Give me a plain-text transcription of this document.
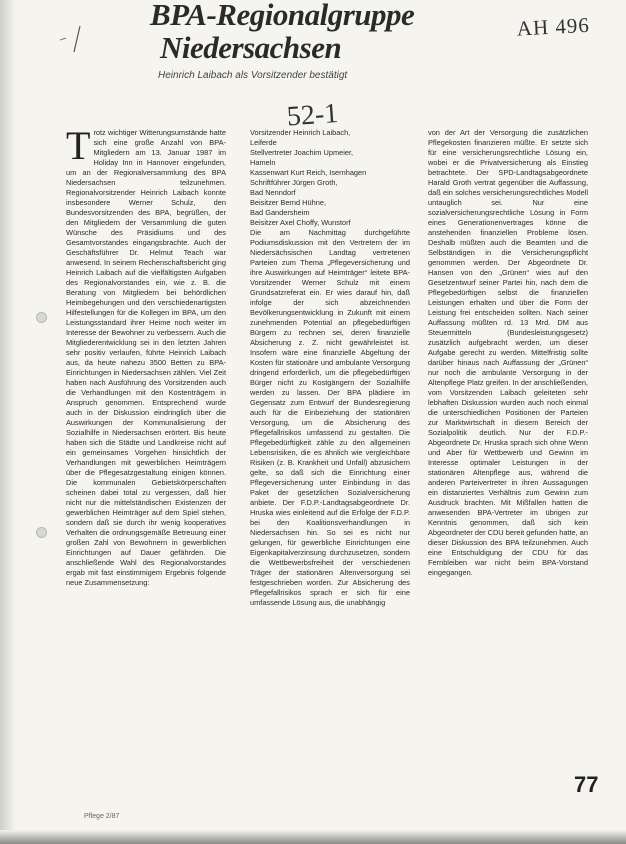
BPA-Regionalgruppe
Niedersachsen
Heinrich Laibach als Vorsitzender bestätigt
AH 496
52-1
T rotz wichtiger Witterungsumstände hatte sich eine große Anzahl von BPA-Mitgliedern am 13. Januar 1987 im Holiday Inn in Hannover eingefunden, um an der Regionalversammlung des BPA Niedersachsen teilzunehmen. Regionalvorsitzender Heinrich Laibach konnte insbesondere Werner Schulz, den Bundesvorsitzenden des BPA, begrüßen, der den Mitgliedern der Versammlung die guten Wünsche des Präsidiums und des Gesamtvorstandes eingangsbrachte. Auch der Geschäftsführer Dr. Helmut Teach war anwesend. In seinem Rechenschaftsbericht ging Heinrich Laibach auf die vielfältigsten Aufgaben des Regionalvorstandes ein, wie z. B. die Beratung von Mitgliedern bei behördlichen Heimbegehungen und den verschiedenartigsten Hilfestellungen für die Kollegen im BPA, um den Leistungsstandard ihrer Heime noch weiter im Interesse der Bewohner zu verbessern. Auch die Mitgliederentwicklung sei in den letzten Jahren sehr positiv verlaufen, führte Heinrich Laibach aus, da heute nahezu 3500 Betten zu BPA-Einrichtungen in Niedersachsen zählen. Viel Zeit haben nach Ausführung des Vorsitzenden auch die Verhandlungen mit den Kostenträgern in Anspruch genommen. Entsprechend wurde auch in der Diskussion eindringlich über die Auswirkungen der Kommunalisierung der Sozialhilfe in Niedersachsen erörtert. Bis heute haben sich die Städte und Landkreise nicht auf ein gemeinsames Vorgehen hinsichtlich der Verhandlungen mit gewerblichen Heimträgern über die Pflegesatzgestaltung einigen können. Die kommunalen Gebietskörperschaften scheinen dabei total zu vergessen, daß hier nicht nur die mittelständischen Existenzen der gewerblichen Heimträger auf dem Spiel stehen, sondern daß sie durch ihr wenig kooperatives Verhalten die ordnungsgemäße Betreuung einer großen Zahl von Bewohnern in gewerblichen Einrichtungen auf Dauer gefährden. Die anschließende Wahl des Regionalvorstandes ergab mit fast einstimmigem Ergebnis folgende neue Zusammensetzung:

Vorsitzender Heinrich Laibach,
Leiferde
Stellvertreter Joachim Upmeier,
Hameln
Kassenwart Kurt Reich, Isernhagen
Schriftführer Jürgen Groth,
Bad Nenndorf
Beisitzer Bernd Hühne,
Bad Gandersheim
Beisitzer Axel Choffy, Wunstorf

Die am Nachmittag durchgeführte Podiumsdiskussion mit den Vertretern der im Niedersächsischen Landtag vertretenen Parteien zum Thema „Pflegeversicherung und ihre Auswirkungen auf Heimträger“ leitete BPA-Vorsitzender Werner Schulz mit einem Grundsatzreferat ein. Er wies darauf hin, daß infolge der sich abzeichnenden Bevölkerungsentwicklung in Zukunft mit einem zunehmenden Potential an pflegebedürftigen Bürgern zu rechnen sei, deren finanzielle Absicherung z. Z. nicht gewährleistet ist. Insofern wäre eine finanzielle Abgeltung der Kosten für stationäre und ambulante Versorgung dringend erforderlich, um die pflegebedürftigen Bürger nicht zu Kostgängern der Sozialhilfe werden zu lassen. Der BPA plädiere im Gegensatz zum Entwurf der Bundesregierung auch für die Einbeziehung der stationären Versorgung, um die Absicherung des Pflegefallrisikos umfassend zu gestalten. Die Pflegebedürftigkeit zähle zu den allgemeinen Lebensrisiken, die es ähnlich wie vergleichbare Risiken (z. B. Krankheit und Unfall) abzusichern gelte, so daß sich die Einrichtung einer Pflegeversicherung unter Einbindung in das Paket der gesetzlichen Sozialversicherung anbiete. Der F.D.P.-Landtagsabgeordnete Dr. Hruska wies einleitend auf die Erfolge der F.D.P. bei den Koalitionsverhandlungen in Niedersachsen hin. So sei es nicht nur gelungen, für gewerbliche Einrichtungen eine Eigenkapitalverzinsung durchzusetzen, sondern die Wettbewerbsfreiheit der verschiedenen Träger der stationären Altenversorgung sei festgeschrieben worden. Zur Absicherung des Pflegefallrisikos sprach er sich für eine umfassende Lösung aus, die unabhängig

von der Art der Versorgung die zusätzlichen Pflegekosten finanzieren müßte. Er setzte sich für eine versicherungsrechtliche Lösung ein, wobei er die Privatversicherung als Einstieg betrachtete. Der SPD-Landtagsabgeordnete Harald Groth vertrat gegenüber die Auffassung, daß ein solches versicherungsrechtliches Modell untauglich sei. Nur eine sozialversicherungsrechtliche Lösung in Form eines Generationenvertrages könne die anstehenden finanziellen Probleme lösen. Deshalb müßten auch die Beamten und die Selbständigen in die Versicherungspflicht genommen werden. Der Abgeordnete Dr. Hansen von den „Grünen“ wies auf den Gesetzentwurf seiner Partei hin, nach dem die Pflegebedürftigen selbst die finanziellen Leistungen erhalten und über die Form der Leistung frei entscheiden sollten. Nach seiner Auffassung müßten rd. 13 Mrd. DM aus Steuermitteln (Bundesleistungsgesetz) zusätzlich aufgebracht werden, um dieser Aufgabe gerecht zu werden. Mittelfristig sollte darüber hinaus nach Auffassung der „Grünen“ nur noch die ambulante Versorgung in der Altenpflege Platz greifen. In der anschließenden, vom Vorsitzenden Laibach geleiteten sehr lebhaften Diskussion wurden auch noch einmal die unterschiedlichen Positionen der Parteien zur Marktwirtschaft in diesem Bereich der Sozialpolitik deutlich. Nur der F.D.P.-Abgeordnete Dr. Hruska sprach sich ohne Wenn und Aber für Wettbewerb und Gewinn im Interesse optimaler Leistungen in der stationären Altenpflege aus, während die anderen Parteivertreter in ihren Aussagungen ein distanziertes Verhältnis zum Gewinn zum Ausdruck brachten. Mit Mißfallen hatten die anwesenden BPA-Vertreter im übrigen zur Kenntnis genommen, daß sich kein Abgeordneter der CDU bereit gefunden hatte, an dieser Diskussion des BPA teilzunehmen. Auch eine Entschuldigung der CDU für das Fernbleiben war nicht beim BPA-Vorstand eingegangen.

Pflege 2/87
77
